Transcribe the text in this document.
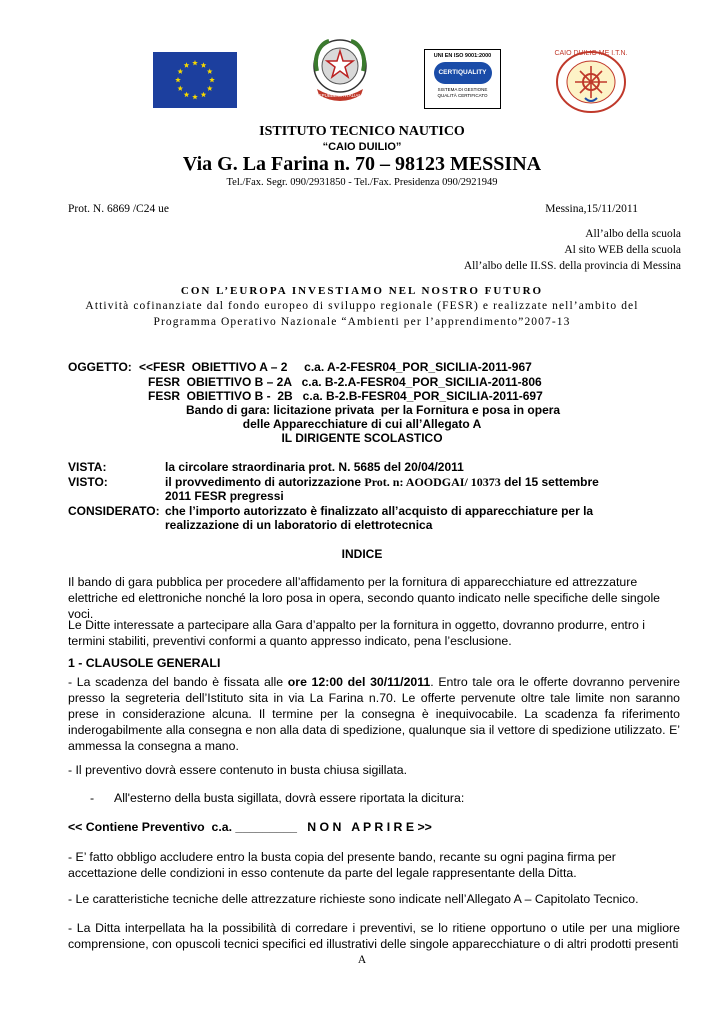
REPUBBLICA ITALIANA
UNI EN ISO 9001:2000
CERTIQUALITY
SISTEMA DI GESTIONE QUALITÀ CERTIFICATO
CAIO DUILIO ME I.T.N.
ISTITUTO TECNICO NAUTICO
“CAIO DUILIO”
Via G. La Farina n. 70 – 98123 MESSINA
Tel./Fax. Segr. 090/2931850 - Tel./Fax. Presidenza 090/2921949
Prot. N. 6869 /C24 ue	Messina,15/11/2011
All’albo della scuola
Al sito WEB della scuola
All’albo delle II.SS. della provincia di Messina
CON L’EUROPA INVESTIAMO NEL NOSTRO FUTURO
Attività cofinanziate dal fondo europeo di sviluppo regionale (FESR) e realizzate nell’ambito del
Programma Operativo Nazionale “Ambienti per l’apprendimento”2007-13
OGGETTO: <<FESR  OBIETTIVO A – 2     c.a. A-2-FESR04_POR_SICILIA-2011-967
FESR  OBIETTIVO B – 2A   c.a. B-2.A-FESR04_POR_SICILIA-2011-806
FESR  OBIETTIVO B -  2B   c.a. B-2.B-FESR04_POR_SICILIA-2011-697
Bando di gara: licitazione privata  per la Fornitura e posa in opera
delle Apparecchiature di cui all’Allegato A
IL DIRIGENTE SCOLASTICO
VISTA:	la circolare straordinaria prot. N. 5685 del 20/04/2011
VISTO:	il provvedimento di autorizzazione Prot. n: AOODGAI/ 10373 del 15 settembre
2011 FESR pregressi
CONSIDERATO: che l’importo autorizzato è finalizzato all’acquisto di apparecchiature per la
realizzazione di un laboratorio di elettrotecnica
INDICE
Il bando di gara pubblica per procedere all’affidamento per la fornitura di apparecchiature ed attrezzature elettriche ed elettroniche nonché la loro posa in opera, secondo quanto indicato nelle specifiche delle singole voci.
Le Ditte interessate a partecipare alla Gara d’appalto per la fornitura in oggetto, dovranno produrre, entro i termini stabiliti, preventivi conformi a quanto appresso indicato, pena l’esclusione.
1 - CLAUSOLE GENERALI
- La scadenza del bando è fissata alle ore 12:00 del 30/11/2011. Entro tale ora le offerte dovranno pervenire presso la segreteria dell’Istituto sita in via La Farina n.70. Le offerte pervenute oltre tale limite non saranno prese in considerazione alcuna. Il termine per la consegna è inequivocabile. La scadenza fa riferimento inderogabilmente alla consegna e non alla data di spedizione, qualunque sia il vettore di spedizione utilizzato. E’ ammessa la consegna a mano.
- Il preventivo dovrà essere contenuto in busta chiusa sigillata.
- All'esterno della busta sigillata, dovrà essere riportata la dicitura:
<< Contiene Preventivo  c.a. _________   N O N   A P R I R E >>
- E’ fatto obbligo accludere entro la busta copia del presente bando, recante su ogni pagina firma per accettazione delle condizioni in esso contenute da parte del legale rappresentante della Ditta.
- Le caratteristiche tecniche delle attrezzature richieste sono indicate nell’Allegato A – Capitolato Tecnico.
- La Ditta interpellata ha la possibilità di corredare i preventivi, se lo ritiene opportuno o utile per una migliore comprensione, con opuscoli tecnici specifici ed illustrativi delle singole apparecchiature o di altri prodotti presenti
A
